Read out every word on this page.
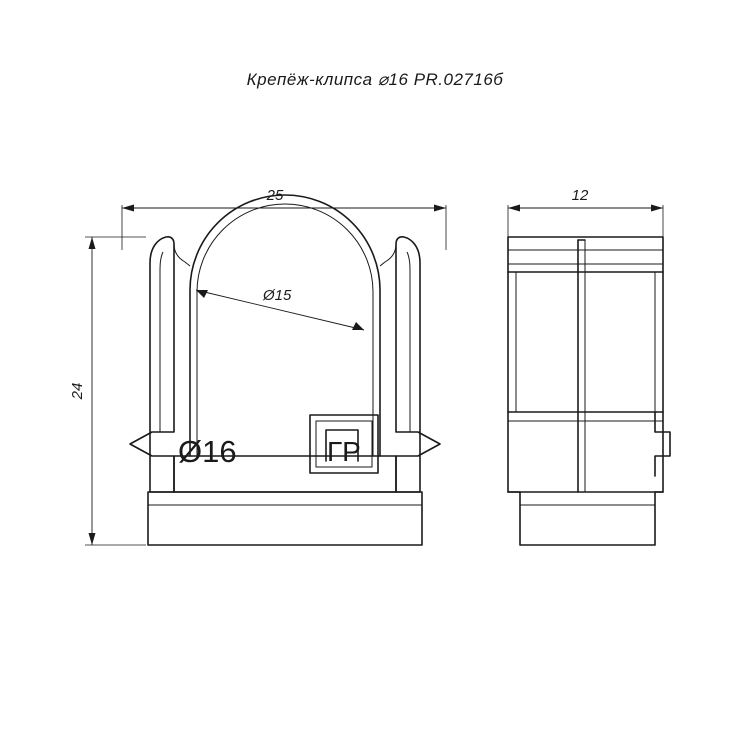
Крепёж-клипса ⌀16 PR.02716б
ГР
Ø16
Ø15
25
24
12
